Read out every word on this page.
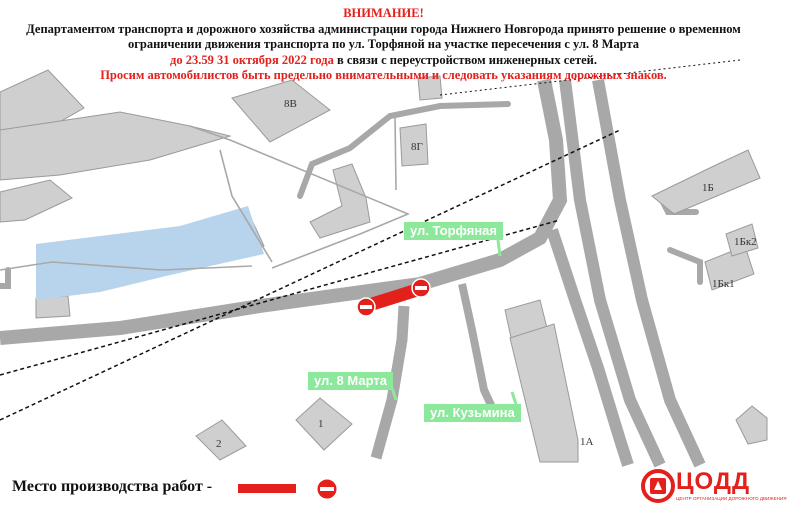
ВНИМАНИЕ!
Департаментом транспорта и дорожного хозяйства администрации города Нижнего Новгорода принято решение о временном
ограничении движения транспорта по ул. Торфяной на участке пересечения с ул. 8 Марта
до 23.59 31 октября 2022 года в связи с переустройством инженерных сетей.
Просим автомобилистов быть предельно внимательными и следовать указаниям дорожных знаков.
ул. Торфяная
ул. 8 Марта
ул. Кузьмина
8В
8Г
1Б
1Бк2
1Бк1
1А
1
2
Место производства работ -	ЦОДД
ЦЕНТР ОРГАНИЗАЦИИ ДОРОЖНОГО ДВИЖЕНИЯ
